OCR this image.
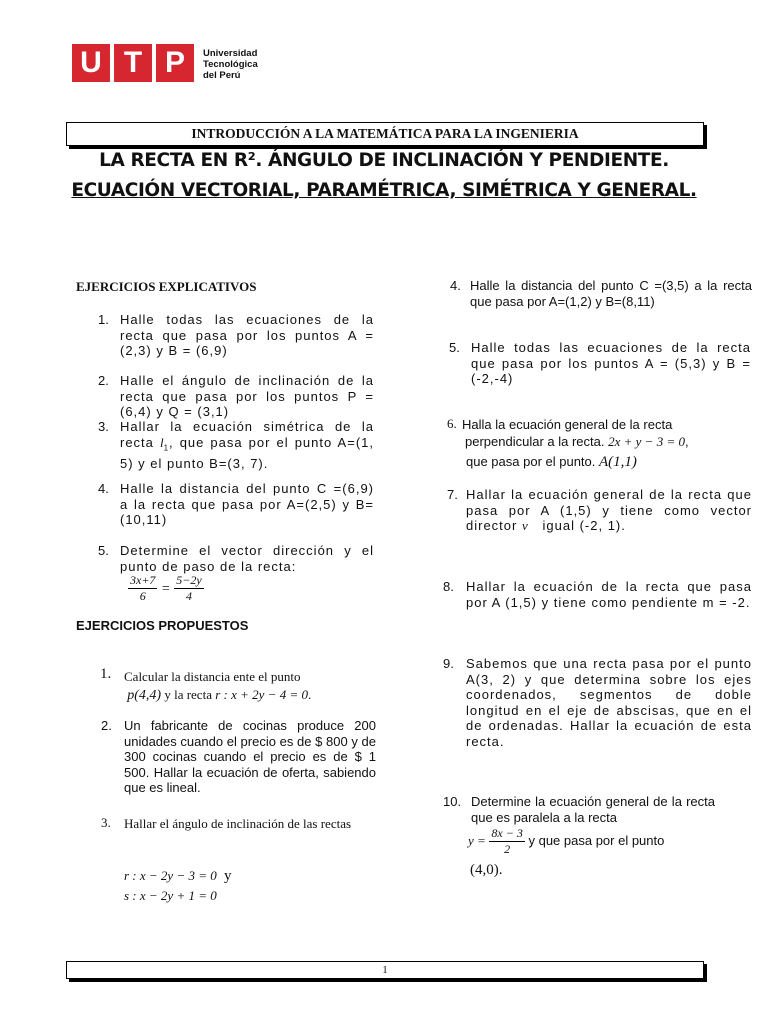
U T P	Universidad
Tecnológica
del Perú
INTRODUCCIÓN A LA MATEMÁTICA PARA LA INGENIERIA
LA RECTA EN R². ÁNGULO DE INCLINACIÓN Y PENDIENTE.
ECUACIÓN VECTORIAL, PARAMÉTRICA, SIMÉTRICA Y GENERAL.
EJERCICIOS EXPLICATIVOS
1. Halle todas las ecuaciones de la recta que pasa por los puntos A = (2,3) y B = (6,9)
2. Halle el ángulo de inclinación de la recta que pasa por los puntos P = (6,4) y Q = (3,1)
3. Hallar la ecuación simétrica de la recta $l_1$, que pasa por el punto A=(1, 5) y el punto B=(3, 7).
4. Halle la distancia del punto C =(6,9) a la recta que pasa por A=(2,5) y B=(10,11)
5. Determine el vector dirección y el punto de paso de la recta:
$\frac{3x+7}{6} = \frac{5-2y}{4}$
EJERCICIOS PROPUESTOS
1. Calcular la distancia ente el punto
p(4,4) y la recta r : x + 2y − 4 = 0.
2. Un fabricante de cocinas produce 200 unidades cuando el precio es de $ 800 y de 300 cocinas cuando el precio es de $ 1 500. Hallar la ecuación de oferta, sabiendo que es lineal.
3. Hallar el ángulo de inclinación de las rectas
r : x − 2y − 3 = 0 y
s : x − 2y + 1 = 0
4. Halle la distancia del punto C =(3,5) a la recta que pasa por A=(1,2) y B=(8,11)
5. Halle todas las ecuaciones de la recta que pasa por los puntos A = (5,3) y B = (-2,-4)
6. Halla la ecuación general de la recta
perpendicular a la recta. 2x + y − 3 = 0,
que pasa por el punto. A(1,1)
7. Hallar la ecuación general de la recta que pasa por A (1,5) y tiene como vector director v⃗ igual (-2, 1).
8. Hallar la ecuación de la recta que pasa por A (1,5) y tiene como pendiente m = -2.
9. Sabemos que una recta pasa por el punto A(3, 2) y que determina sobre los ejes coordenados, segmentos de doble longitud en el eje de abscisas, que en el de ordenadas. Hallar la ecuación de esta recta.
10. Determine la ecuación general de la recta que es paralela a la recta
$y = \frac{8x - 3}{2}$ y que pasa por el punto
(4,0).
1
